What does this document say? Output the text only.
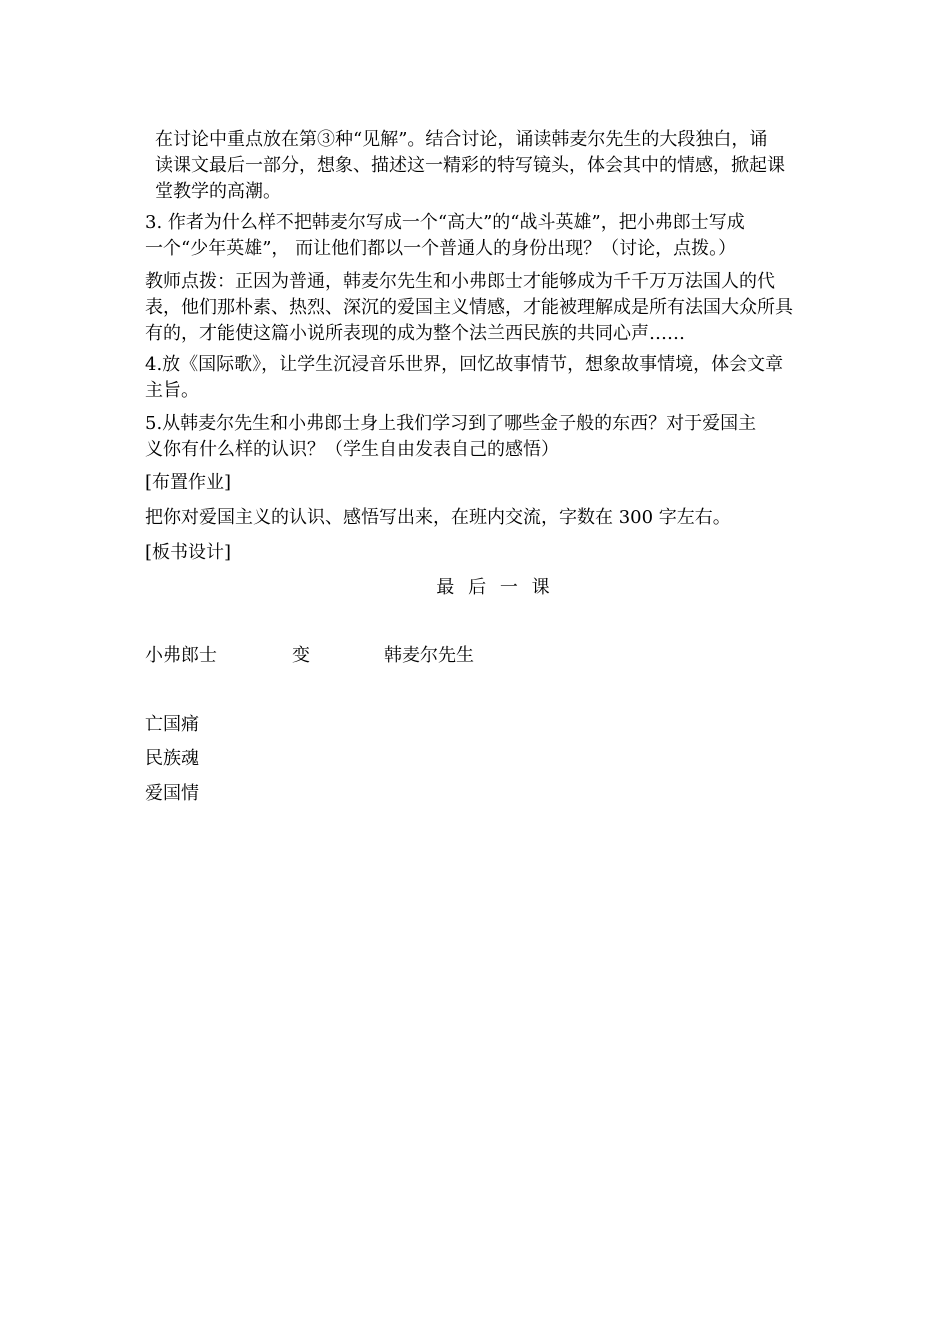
在讨论中重点放在第③种“见解”。结合讨论，诵读韩麦尔先生的大段独白，诵
读课文最后一部分，想象、描述这一精彩的特写镜头，体会其中的情感，掀起课
堂教学的高潮。
3. 作者为什么样不把韩麦尔写成一个“高大”的“战斗英雄”，把小弗郎士写成
一个“少年英雄”， 而让他们都以一个普通人的身份出现？（讨论，点拨。）
教师点拨：正因为普通，韩麦尔先生和小弗郎士才能够成为千千万万法国人的代
表，他们那朴素、热烈、深沉的爱国主义情感，才能被理解成是所有法国大众所具
有的，才能使这篇小说所表现的成为整个法兰西民族的共同心声……
4.放《国际歌》，让学生沉浸音乐世界，回忆故事情节，想象故事情境，体会文章
主旨。
5.从韩麦尔先生和小弗郎士身上我们学习到了哪些金子般的东西？对于爱国主
义你有什么样的认识？（学生自由发表自己的感悟）

[布置作业]

把你对爱国主义的认识、感悟写出来，在班内交流，字数在 300 字左右。

[板书设计]

最 后 一 课

小弗郎士	变	韩麦尔先生

亡国痛

民族魂

爱国情
